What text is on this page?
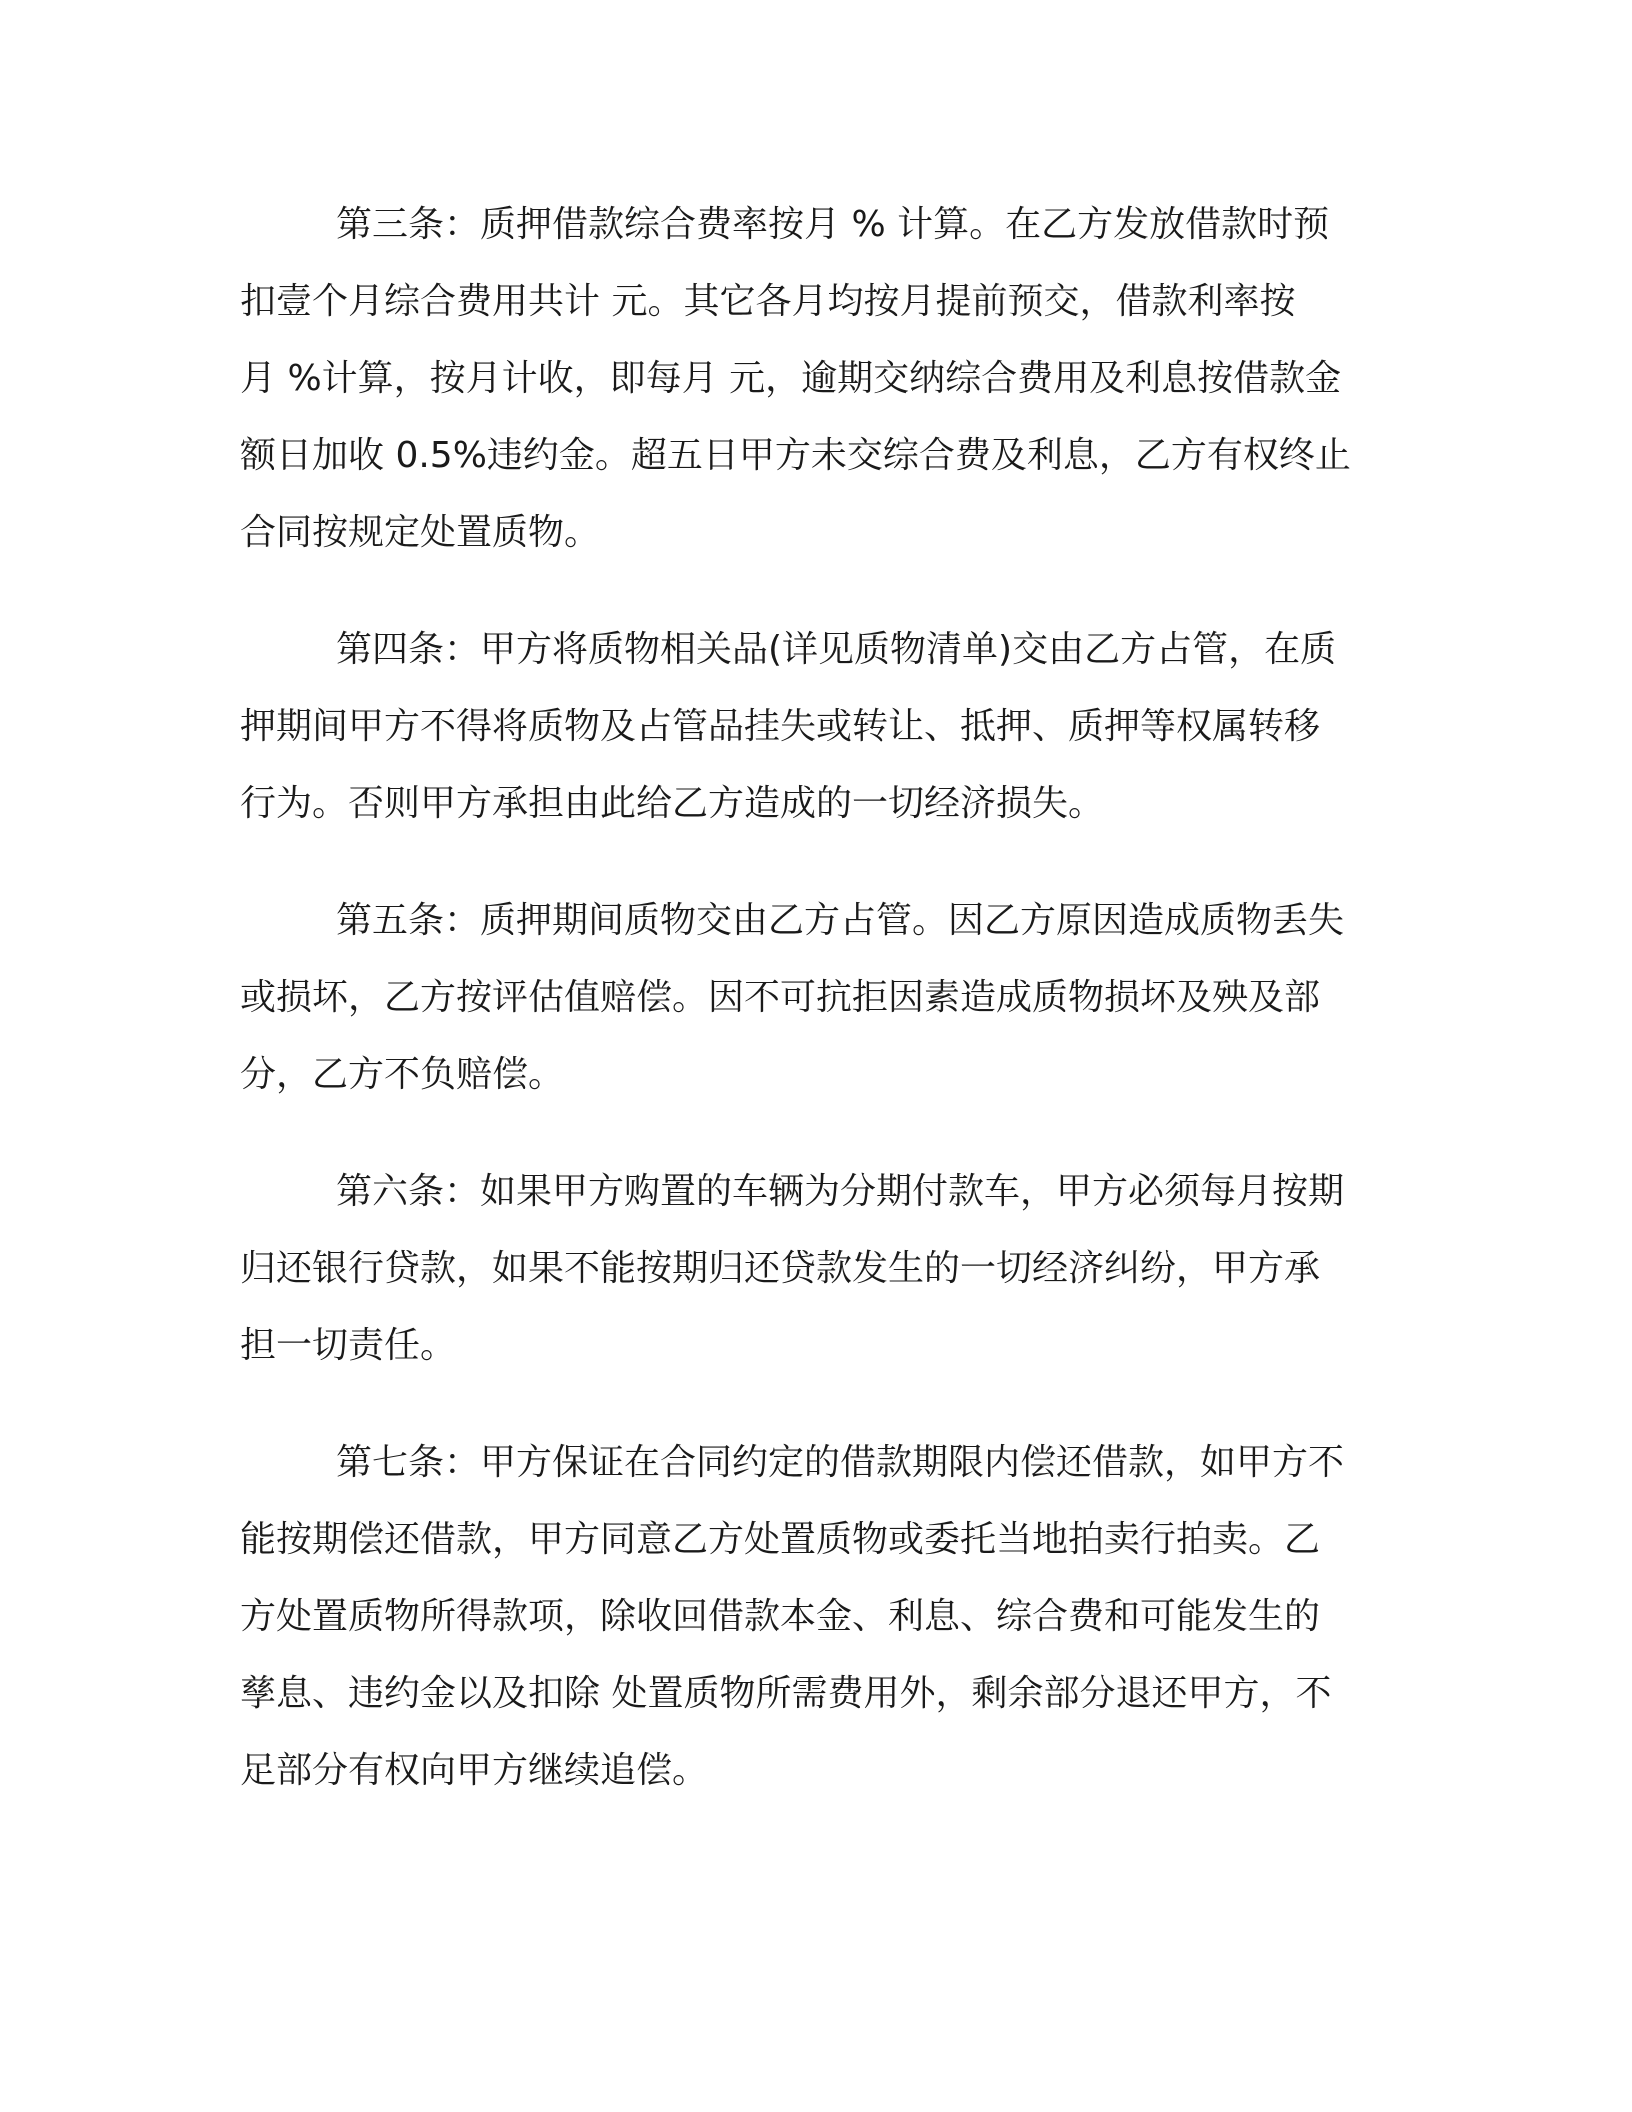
第三条：质押借款综合费率按月 % 计算。在乙方发放借款时预
扣壹个月综合费用共计 元。其它各月均按月提前预交，借款利率按
月 %计算，按月计收，即每月 元，逾期交纳综合费用及利息按借款金
额日加收 0.5%违约金。超五日甲方未交综合费及利息，乙方有权终止
合同按规定处置质物。

第四条：甲方将质物相关品(详见质物清单)交由乙方占管，在质
押期间甲方不得将质物及占管品挂失或转让、抵押、质押等权属转移
行为。否则甲方承担由此给乙方造成的一切经济损失。

第五条：质押期间质物交由乙方占管。因乙方原因造成质物丢失
或损坏，乙方按评估值赔偿。因不可抗拒因素造成质物损坏及殃及部
分，乙方不负赔偿。

第六条：如果甲方购置的车辆为分期付款车，甲方必须每月按期
归还银行贷款，如果不能按期归还贷款发生的一切经济纠纷，甲方承
担一切责任。

第七条：甲方保证在合同约定的借款期限内偿还借款，如甲方不
能按期偿还借款，甲方同意乙方处置质物或委托当地拍卖行拍卖。乙
方处置质物所得款项，除收回借款本金、利息、综合费和可能发生的
孳息、违约金以及扣除 处置质物所需费用外，剩余部分退还甲方，不
足部分有权向甲方继续追偿。
